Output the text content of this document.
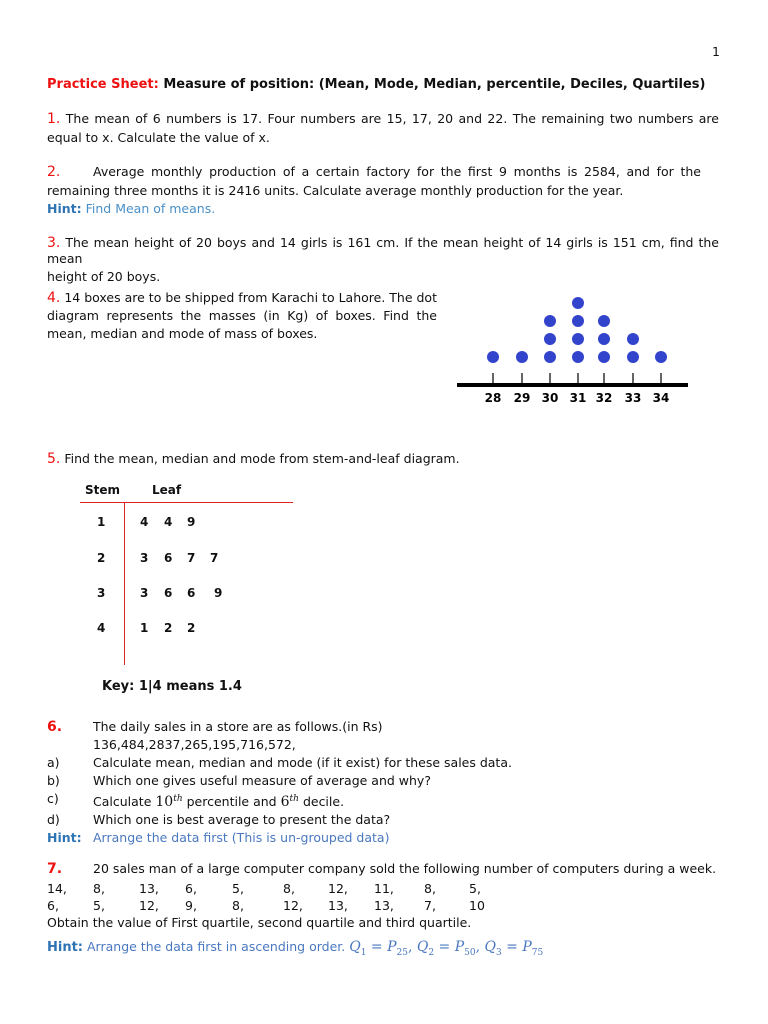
1
Practice Sheet: Measure of position: (Mean, Mode, Median, percentile, Deciles, Quartiles)
1. The mean of 6 numbers is 17. Four numbers are 15, 17, 20 and 22. The remaining two numbers are
equal to x. Calculate the value of x.
2.	Average monthly production of a certain factory for the first 9 months is 2584, and for the
remaining three months it is 2416 units. Calculate average monthly production for the year.
Hint: Find Mean of means.
3. The mean height of 20 boys and 14 girls is 161 cm. If the mean height of 14 girls is 151 cm, find the mean
height of 20 boys.
4. 14 boxes are to be shipped from Karachi to Lahore. The dot
diagram represents the masses (in Kg) of boxes. Find the
mean, median and mode of mass of boxes.
28 29 30 31 32 33 34
5. Find the mean, median and mode from stem-and-leaf diagram.
Stem	Leaf
1	4 4 9
2	3 6 7 7
3	3 6 6 9
4	1 2 2
Key: 1|4 means 1.4
6.	The daily sales in a store are as follows.(in Rs)
136,484,2837,265,195,716,572,
a)	Calculate mean, median and mode (if it exist) for these sales data.
b)	Which one gives useful measure of average and why?
c)	Calculate 10th percentile and 6th decile.
d)	Which one is best average to present the data?
Hint: Arrange the data first (This is un-grouped data)
7.	20 sales man of a large computer company sold the following number of computers during a week.
14,	8,	13,	6,	5,	8,	12,	11,	8,	5,
6,	5,	12,	9,	8,	12,	13,	13,	7,	10
Obtain the value of First quartile, second quartile and third quartile.
Hint: Arrange the data first in ascending order. $Q_1 = P_{25}$, $Q_2 = P_{50}$, $Q_3 = P_{75}$
